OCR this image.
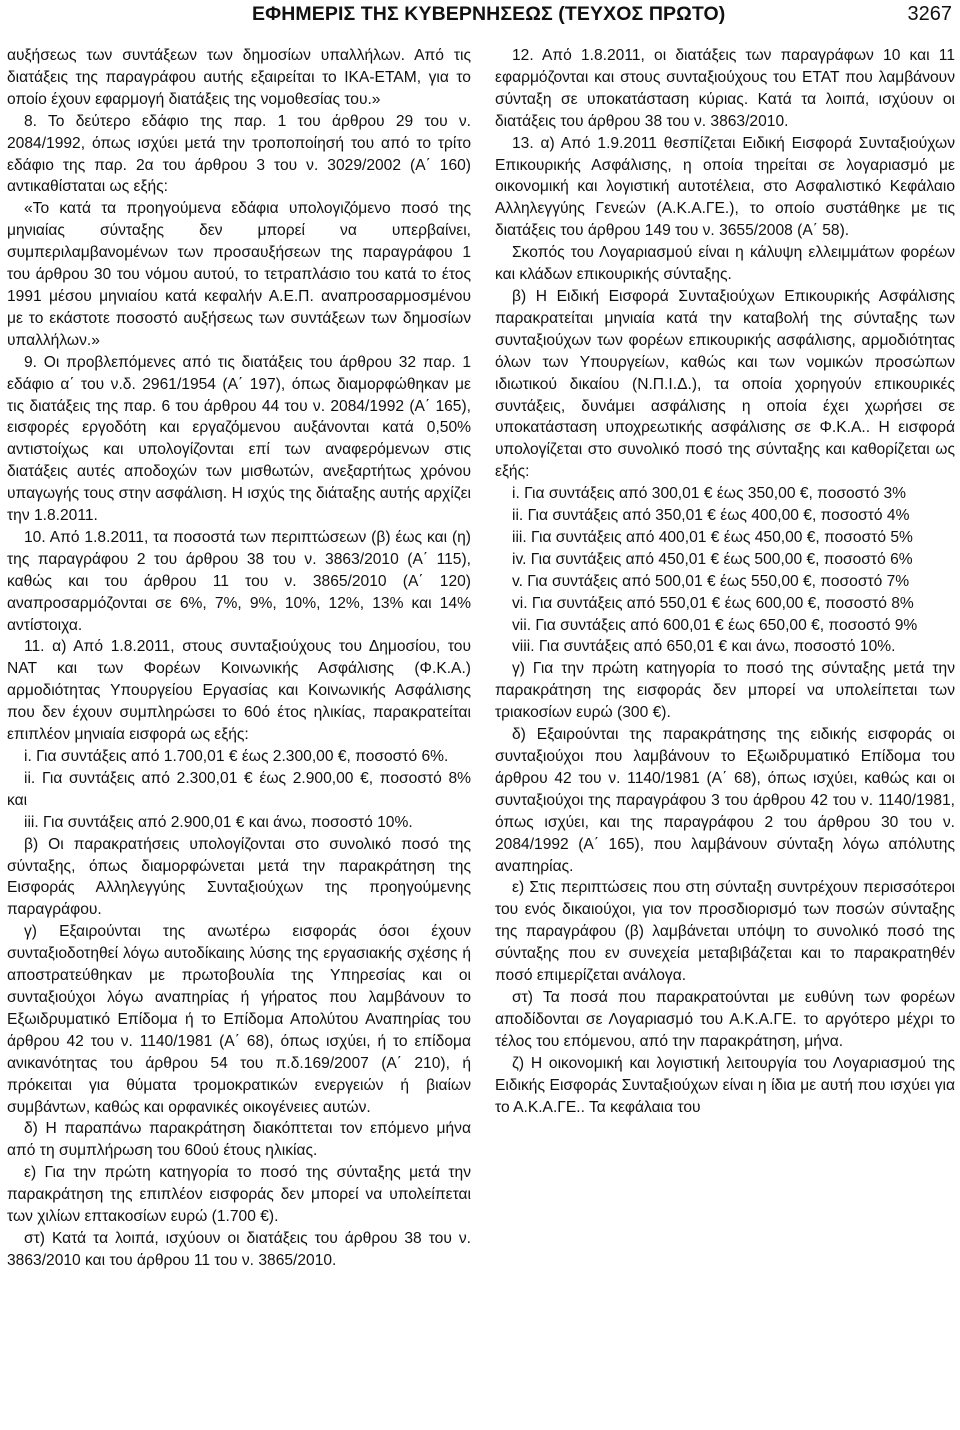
ΕΦΗΜΕΡΙΣ ΤΗΣ ΚΥΒΕΡΝΗΣΕΩΣ (ΤΕΥΧΟΣ ΠΡΩΤΟ)	3267

αυξήσεως των συντάξεων των δημοσίων υπαλλήλων. Από τις διατάξεις της παραγράφου αυτής εξαιρείται το ΙΚΑ-ΕΤΑΜ, για το οποίο έχουν εφαρμογή διατάξεις της νομοθεσίας του.»

8. Το δεύτερο εδάφιο της παρ. 1 του άρθρου 29 του ν. 2084/1992, όπως ισχύει μετά την τροποποίησή του από το τρίτο εδάφιο της παρ. 2α του άρθρου 3 του ν. 3029/2002 (Α΄ 160) αντικαθίσταται ως εξής:

«Το κατά τα προηγούμενα εδάφια υπολογιζόμενο ποσό της μηνιαίας σύνταξης δεν μπορεί να υπερβαίνει, συμπεριλαμβανομένων των προσαυξήσεων της παραγράφου 1 του άρθρου 30 του νόμου αυτού, το τετραπλάσιο του κατά το έτος 1991 μέσου μηνιαίου κατά κεφαλήν Α.Ε.Π. αναπροσαρμοσμένου με το εκάστοτε ποσοστό αυξήσεως των συντάξεων των δημοσίων υπαλλήλων.»

9. Οι προβλεπόμενες από τις διατάξεις του άρθρου 32 παρ. 1 εδάφιο α΄ του ν.δ. 2961/1954 (Α΄ 197), όπως διαμορφώθηκαν με τις διατάξεις της παρ. 6 του άρθρου 44 του ν. 2084/1992 (Α΄ 165), εισφορές εργοδότη και εργαζόμενου αυξάνονται κατά 0,50% αντιστοίχως και υπολογίζονται επί των αναφερόμενων στις διατάξεις αυτές αποδοχών των μισθωτών, ανεξαρτήτως χρόνου υπαγωγής τους στην ασφάλιση. Η ισχύς της διάταξης αυτής αρχίζει την 1.8.2011.

10. Από 1.8.2011, τα ποσοστά των περιπτώσεων (β) έως και (η) της παραγράφου 2 του άρθρου 38 του ν. 3863/2010 (Α΄ 115), καθώς και του άρθρου 11 του ν. 3865/2010 (Α΄ 120) αναπροσαρμόζονται σε 6%, 7%, 9%, 10%, 12%, 13% και 14% αντίστοιχα.

11. α) Από 1.8.2011, στους συνταξιούχους του Δημοσίου, του ΝΑΤ και των Φορέων Κοινωνικής Ασφάλισης (Φ.Κ.Α.) αρμοδιότητας Υπουργείου Εργασίας και Κοινωνικής Ασφάλισης που δεν έχουν συμπληρώσει το 60ό έτος ηλικίας, παρακρατείται επιπλέον μηνιαία εισφορά ως εξής:

i. Για συντάξεις από 1.700,01 € έως 2.300,00 €, ποσοστό 6%.

ii. Για συντάξεις από 2.300,01 € έως 2.900,00 €, ποσοστό 8% και

iii. Για συντάξεις από 2.900,01 € και άνω, ποσοστό 10%.

β) Οι παρακρατήσεις υπολογίζονται στο συνολικό ποσό της σύνταξης, όπως διαμορφώνεται μετά την παρακράτηση της Εισφοράς Αλληλεγγύης Συνταξιούχων της προηγούμενης παραγράφου.

γ) Εξαιρούνται της ανωτέρω εισφοράς όσοι έχουν συνταξιοδοτηθεί λόγω αυτοδίκαιης λύσης της εργασιακής σχέσης ή αποστρατεύθηκαν με πρωτοβουλία της Υπηρεσίας και οι συνταξιούχοι λόγω αναπηρίας ή γήρατος που λαμβάνουν το Εξωιδρυματικό Επίδομα ή το Επίδομα Απολύτου Αναπηρίας του άρθρου 42 του ν. 1140/1981 (Α΄ 68), όπως ισχύει, ή το επίδομα ανικανότητας του άρθρου 54 του π.δ.169/2007 (Α΄ 210), ή πρόκειται για θύματα τρομοκρατικών ενεργειών ή βιαίων συμβάντων, καθώς και ορφανικές οικογένειες αυτών.

δ) Η παραπάνω παρακράτηση διακόπτεται τον επόμενο μήνα από τη συμπλήρωση του 60ού έτους ηλικίας.

ε) Για την πρώτη κατηγορία το ποσό της σύνταξης μετά την παρακράτηση της επιπλέον εισφοράς δεν μπορεί να υπολείπεται των χιλίων επτακοσίων ευρώ (1.700 €).

στ) Κατά τα λοιπά, ισχύουν οι διατάξεις του άρθρου 38 του ν. 3863/2010 και του άρθρου 11 του ν. 3865/2010.

12. Από 1.8.2011, οι διατάξεις των παραγράφων 10 και 11 εφαρμόζονται και στους συνταξιούχους του ΕΤΑΤ που λαμβάνουν σύνταξη σε υποκατάσταση κύριας. Κατά τα λοιπά, ισχύουν οι διατάξεις του άρθρου 38 του ν. 3863/2010.

13. α) Από 1.9.2011 θεσπίζεται Ειδική Εισφορά Συνταξιούχων Επικουρικής Ασφάλισης, η οποία τηρείται σε λογαριασμό με οικονομική και λογιστική αυτοτέλεια, στο Ασφαλιστικό Κεφάλαιο Αλληλεγγύης Γενεών (Α.Κ.Α.ΓΕ.), το οποίο συστάθηκε με τις διατάξεις του άρθρου 149 του ν. 3655/2008 (Α΄ 58).

Σκοπός του Λογαριασμού είναι η κάλυψη ελλειμμάτων φορέων και κλάδων επικουρικής σύνταξης.

β) Η Ειδική Εισφορά Συνταξιούχων Επικουρικής Ασφάλισης παρακρατείται μηνιαία κατά την καταβολή της σύνταξης των συνταξιούχων των φορέων επικουρικής ασφάλισης, αρμοδιότητας όλων των Υπουργείων, καθώς και των νομικών προσώπων ιδιωτικού δικαίου (Ν.Π.Ι.Δ.), τα οποία χορηγούν επικουρικές συντάξεις, δυνάμει ασφάλισης η οποία έχει χωρήσει σε υποκατάσταση υποχρεωτικής ασφάλισης σε Φ.Κ.Α.. Η εισφορά υπολογίζεται στο συνολικό ποσό της σύνταξης και καθορίζεται ως εξής:

i. Για συντάξεις από 300,01 € έως 350,00 €, ποσοστό 3%

ii. Για συντάξεις από 350,01 € έως 400,00 €, ποσοστό 4%

iii. Για συντάξεις από 400,01 € έως 450,00 €, ποσοστό 5%

iv. Για συντάξεις από 450,01 € έως 500,00 €, ποσοστό 6%

v. Για συντάξεις από 500,01 € έως 550,00 €, ποσοστό 7%

vi. Για συντάξεις από 550,01 € έως 600,00 €, ποσοστό 8%

vii. Για συντάξεις από 600,01 € έως 650,00 €, ποσοστό 9%

viii. Για συντάξεις από 650,01 € και άνω, ποσοστό 10%.

γ) Για την πρώτη κατηγορία το ποσό της σύνταξης μετά την παρακράτηση της εισφοράς δεν μπορεί να υπολείπεται των τριακοσίων ευρώ (300 €).

δ) Εξαιρούνται της παρακράτησης της ειδικής εισφοράς οι συνταξιούχοι που λαμβάνουν το Εξωιδρυματικό Επίδομα του άρθρου 42 του ν. 1140/1981 (Α΄ 68), όπως ισχύει, καθώς και οι συνταξιούχοι της παραγράφου 3 του άρθρου 42 του ν. 1140/1981, όπως ισχύει, και της παραγράφου 2 του άρθρου 30 του ν. 2084/1992 (Α΄ 165), που λαμβάνουν σύνταξη λόγω απόλυτης αναπηρίας.

ε) Στις περιπτώσεις που στη σύνταξη συντρέχουν περισσότεροι του ενός δικαιούχοι, για τον προσδιορισμό των ποσών σύνταξης της παραγράφου (β) λαμβάνεται υπόψη το συνολικό ποσό της σύνταξης που εν συνεχεία μεταβιβάζεται και το παρακρατηθέν ποσό επιμερίζεται ανάλογα.

στ) Τα ποσά που παρακρατούνται με ευθύνη των φορέων αποδίδονται σε Λογαριασμό του Α.Κ.Α.ΓΕ. το αργότερο μέχρι το τέλος του επόμενου, από την παρακράτηση, μήνα.

ζ) Η οικονομική και λογιστική λειτουργία του Λογαριασμού της Ειδικής Εισφοράς Συνταξιούχων είναι η ίδια με αυτή που ισχύει για το Α.Κ.Α.ΓΕ.. Τα κεφάλαια του
